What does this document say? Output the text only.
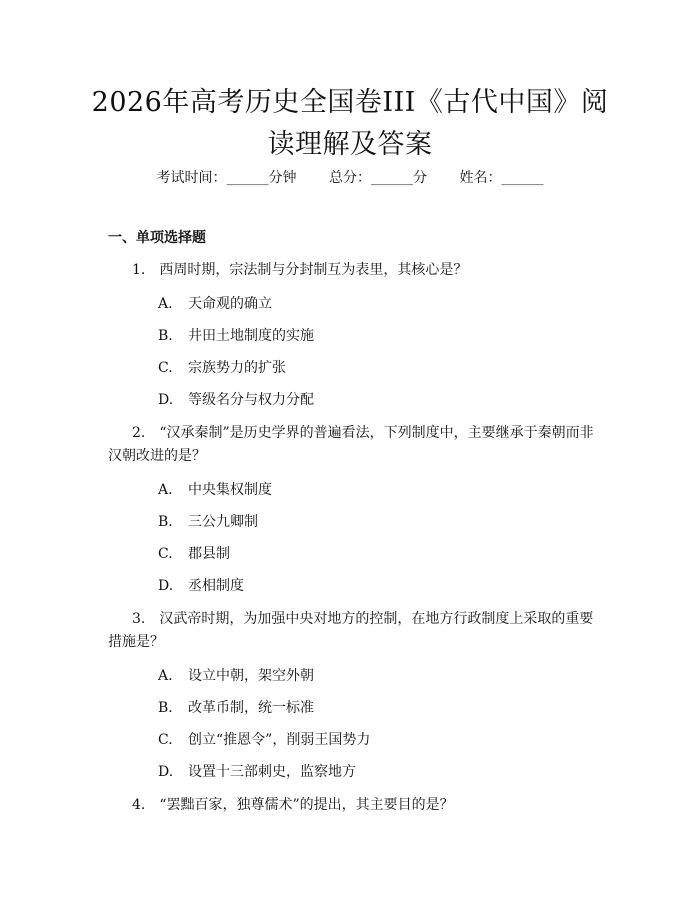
2026年高考历史全国卷III《古代中国》阅读理解及答案
考试时间：______分钟 总分：______分 姓名：______
一、单项选择题

1. 西周时期，宗法制与分封制互为表里，其核心是？

A. 天命观的确立
B. 井田土地制度的实施
C. 宗族势力的扩张
D. 等级名分与权力分配

2. “汉承秦制”是历史学界的普遍看法，下列制度中，主要继承于秦朝而非汉朝改进的是？

A. 中央集权制度
B. 三公九卿制
C. 郡县制
D. 丞相制度

3. 汉武帝时期，为加强中央对地方的控制，在地方行政制度上采取的重要措施是？

A. 设立中朝，架空外朝
B. 改革币制，统一标准
C. 创立“推恩令”，削弱王国势力
D. 设置十三部刺史，监察地方

4. “罢黜百家，独尊儒术”的提出，其主要目的是？
